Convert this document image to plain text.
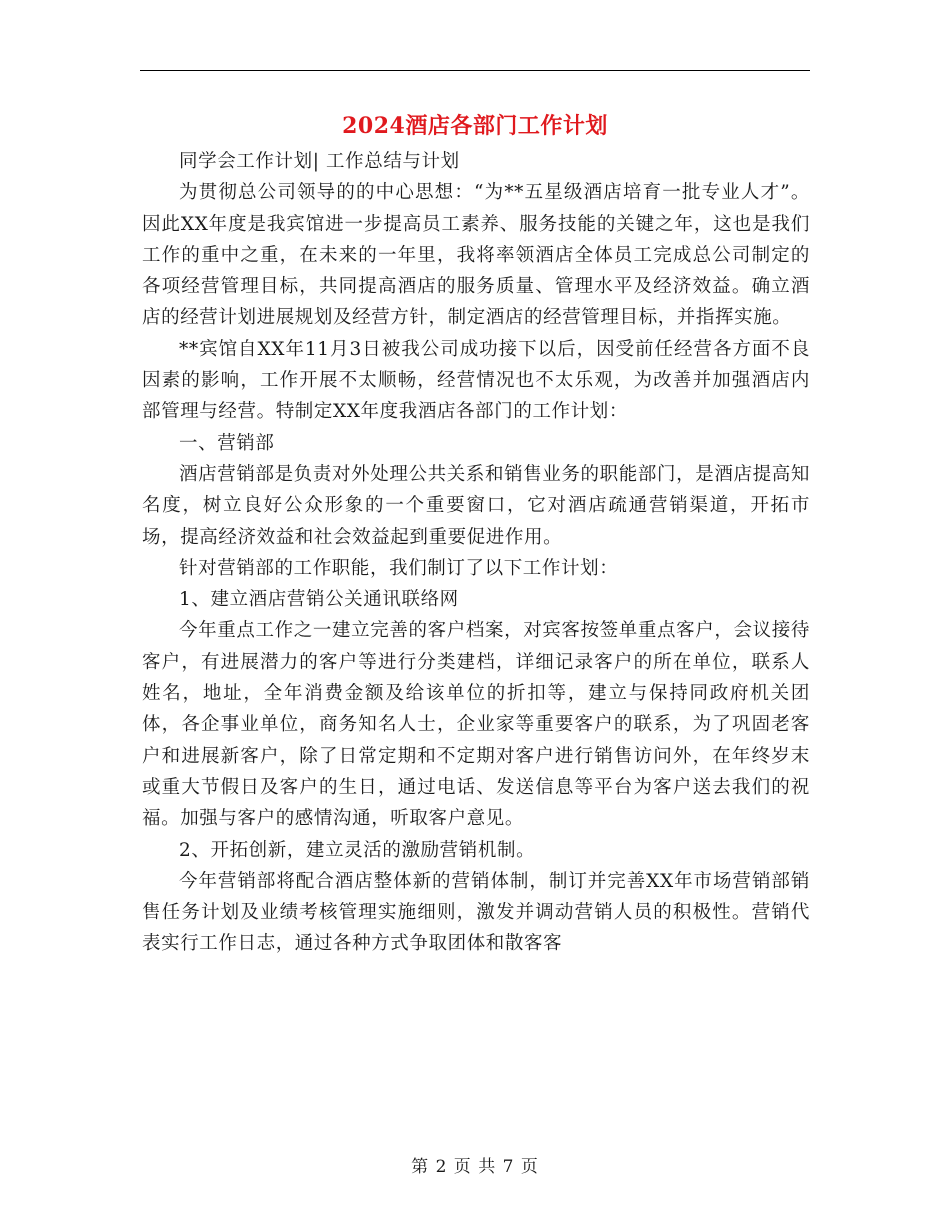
2024酒店各部门工作计划

同学会工作计划| 工作总结与计划

为贯彻总公司领导的的中心思想：“为**五星级酒店培育一批专业人才”。因此XX年度是我宾馆进一步提高员工素养、服务技能的关键之年，这也是我们工作的重中之重，在未来的一年里，我将率领酒店全体员工完成总公司制定的各项经营管理目标，共同提高酒店的服务质量、管理水平及经济效益。确立酒店的经营计划进展规划及经营方针，制定酒店的经营管理目标，并指挥实施。

**宾馆自XX年11月3日被我公司成功接下以后，因受前任经营各方面不良因素的影响，工作开展不太顺畅，经营情况也不太乐观，为改善并加强酒店内部管理与经营。特制定XX年度我酒店各部门的工作计划：

一、营销部

酒店营销部是负责对外处理公共关系和销售业务的职能部门，是酒店提高知名度，树立良好公众形象的一个重要窗口，它对酒店疏通营销渠道，开拓市场，提高经济效益和社会效益起到重要促进作用。

针对营销部的工作职能，我们制订了以下工作计划：

1、建立酒店营销公关通讯联络网

今年重点工作之一建立完善的客户档案，对宾客按签单重点客户，会议接待客户，有进展潜力的客户等进行分类建档，详细记录客户的所在单位，联系人姓名，地址，全年消费金额及给该单位的折扣等，建立与保持同政府机关团体，各企事业单位，商务知名人士，企业家等重要客户的联系，为了巩固老客户和进展新客户，除了日常定期和不定期对客户进行销售访问外，在年终岁末或重大节假日及客户的生日，通过电话、发送信息等平台为客户送去我们的祝福。加强与客户的感情沟通，听取客户意见。

2、开拓创新，建立灵活的激励营销机制。

今年营销部将配合酒店整体新的营销体制，制订并完善XX年市场营销部销售任务计划及业绩考核管理实施细则，激发并调动营销人员的积极性。营销代表实行工作日志，通过各种方式争取团体和散客客

第 2 页 共 7 页
